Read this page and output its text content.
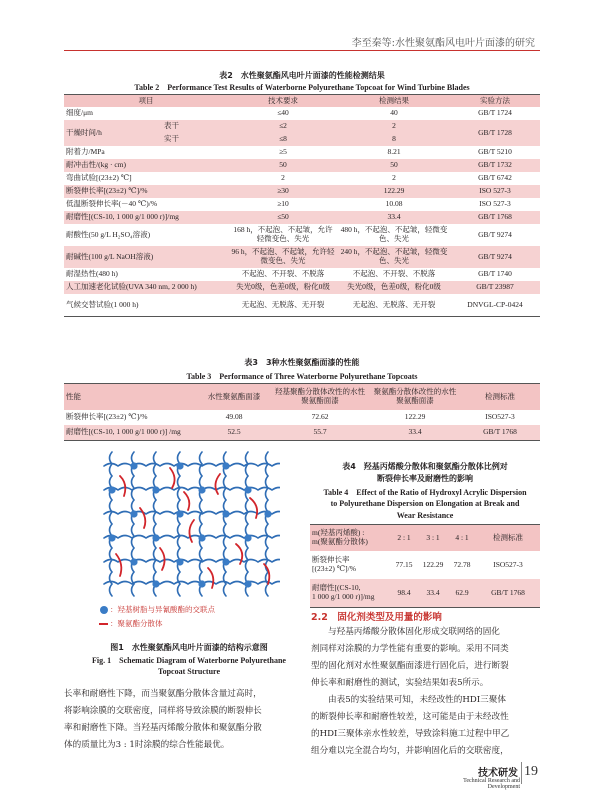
李至秦等:水性聚氨酯风电叶片面漆的研究
表2　水性聚氨酯风电叶片面漆的性能检测结果
Table 2　Performance Test Results of Waterborne Polyurethane Topcoat for Wind Turbine Blades
项目		技术要求	检测结果	实验方法
细度/μm		≤40	40	GB/T 1724
干燥时间/h	表干	≤2	2	GB/T 1728
	实干	≤8	8	
附着力/MPa		≥5	8.21	GB/T 5210
耐冲击性/(kg · cm)		50	50	GB/T 1732
弯曲试验[(23±2) ℃]		2	2	GB/T 6742
断裂伸长率[(23±2) ℃]/%		≥30	122.29	ISO 527-3
低温断裂伸长率(－40 ℃)/%		≥10	10.08	ISO 527-3
耐磨性[(CS-10, 1 000 g/1 000 r)]/mg		≤50	33.4	GB/T 1768
耐酸性(50 g/L H₂SO₄溶液)		168 h，不起泡、不起皱，允许轻微变色、失光	480 h，不起泡、不起皱，轻微变色、失光	GB/T 9274
耐碱性(100 g/L NaOH溶液)		96 h，不起泡、不起皱，允许轻微变色、失光	240 h，不起泡、不起皱，轻微变色、失光	GB/T 9274
耐湿热性(480 h)		不起泡、不开裂、不脱落	不起泡、不开裂、不脱落	GB/T 1740
人工加速老化试验(UVA 340 nm, 2 000 h)		失光0级，色差0级，粉化0级	失光0级，色差0级，粉化0级	GB/T 23987
气候交替试验(1 000 h)		无起泡、无脱落、无开裂	无起泡、无脱落、无开裂	DNVGL-CP-0424
表3　3种水性聚氨酯面漆的性能
Table 3　Performance of Three Waterborne Polyurethane Topcoats
性能	水性聚氨酯面漆	羟基聚酯分散体改性的水性聚氨酯面漆	聚氨酯分散体改性的水性聚氨酯面漆	检测标准
断裂伸长率[(23±2) ℃]/%	49.08	72.62	122.29	ISO527-3
耐磨性[(CS-10, 1 000 g/1 000 r)] /mg	52.5	55.7	33.4	GB/T 1768
：羟基树脂与异氰酸酯的交联点
：聚氨酯分散体
图1　水性聚氨酯风电叶片面漆的结构示意图
Fig. 1　Schematic Diagram of Waterborne Polyurethane
Topcoat Structure
长率和耐磨性下降，而当聚氨酯分散体含量过高时，
将影响涂膜的交联密度，同样将导致涂膜的断裂伸长
率和耐磨性下降。当羟基丙烯酸分散体和聚氨酯分散
体的质量比为3 : 1时涂膜的综合性能最优。
表4　羟基丙烯酸分散体和聚氨酯分散体比例对
断裂伸长率及耐磨性的影响
Table 4　Effect of the Ratio of Hydroxyl Acrylic Dispersion
to Polyurethane Dispersion on Elongation at Break and
Wear Resistance
m(羟基丙烯酸) :
m(聚氨酯分散体)	2 : 1	3 : 1	4 : 1	检测标准

断裂伸长率
[(23±2) ℃]/%	77.15	122.29	72.78	ISO527-3

耐磨性[(CS-10,
1 000 g/1 000 r)]/mg	98.4	33.4	62.9	GB/T 1768
2.2　固化剂类型及用量的影响
与羟基丙烯酸分散体固化形成交联网络的固化
剂同样对涂膜的力学性能有重要的影响。采用不同类
型的固化剂对水性聚氨酯面漆进行固化后，进行断裂
伸长率和耐磨性的测试，实验结果如表5所示。
由表5的实验结果可知，未经改性的HDI三聚体
的断裂伸长率和耐磨性较差，这可能是由于未经改性
的HDI三聚体亲水性较差，导致涂料施工过程中甲乙
组分难以完全混合均匀，并影响固化后的交联密度，
技术研发
Technical Research and Development
19
